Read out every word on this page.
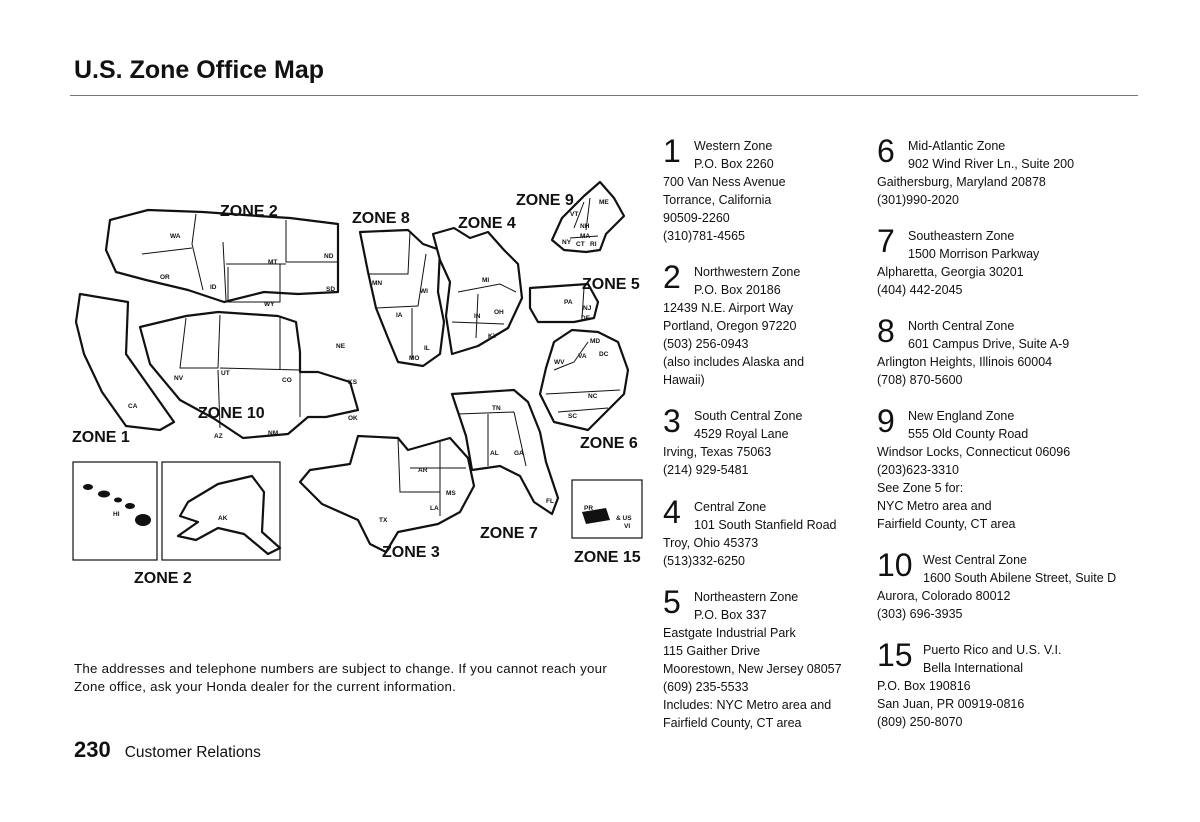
U.S. Zone Office Map
ZONE 2	ZONE 8	ZONE 4
ZONE 9
ZONE 5
ZONE 1
ZONE 10
ZONE 6
ZONE 7
ZONE 3	ZONE 15
ZONE 2
WA
MT
ND
OR
ID	SD
WY
NE
NV
UT
CO	KS
CA
OK
AZ	NM
MN
WI
IA
IL
MO
MI
IN
OH
KY
ME
VT
NH
NY
MA
CT RI
PA
NJ
DE
MD
DC
WV
VA
NC
SC
TN
AL GA
FL
TX
AR
LA
MS
HI
AK
PR
& US
VI

The addresses and telephone numbers are subject to change. If you cannot reach your Zone office, ask your Honda dealer for the current information.

230 Customer Relations
1 Western Zone
P.O. Box 2260
700 Van Ness Avenue
Torrance, California
90509-2260
(310)781-4565
2 Northwestern Zone
P.O. Box 20186
12439 N.E. Airport Way
Portland, Oregon 97220
(503) 256-0943
(also includes Alaska and
Hawaii)
3 South Central Zone
4529 Royal Lane
Irving, Texas 75063
(214) 929-5481
4 Central Zone
101 South Stanfield Road
Troy, Ohio 45373
(513)332-6250
5 Northeastern Zone
P.O. Box 337
Eastgate Industrial Park
115 Gaither Drive
Moorestown, New Jersey 08057
(609) 235-5533
Includes: NYC Metro area and
Fairfield County, CT area
6 Mid-Atlantic Zone
902 Wind River Ln., Suite 200
Gaithersburg, Maryland 20878
(301)990-2020
7 Southeastern Zone
1500 Morrison Parkway
Alpharetta, Georgia 30201
(404) 442-2045
8 North Central Zone
601 Campus Drive, Suite A-9
Arlington Heights, Illinois 60004
(708) 870-5600
9 New England Zone
555 Old County Road
Windsor Locks, Connecticut 06096
(203)623-3310
See Zone 5 for:
NYC Metro area and
Fairfield County, CT area
10 West Central Zone
1600 South Abilene Street, Suite D
Aurora, Colorado 80012
(303) 696-3935
15 Puerto Rico and U.S. V.I.
Bella International
P.O. Box 190816
San Juan, PR 00919-0816
(809) 250-8070
